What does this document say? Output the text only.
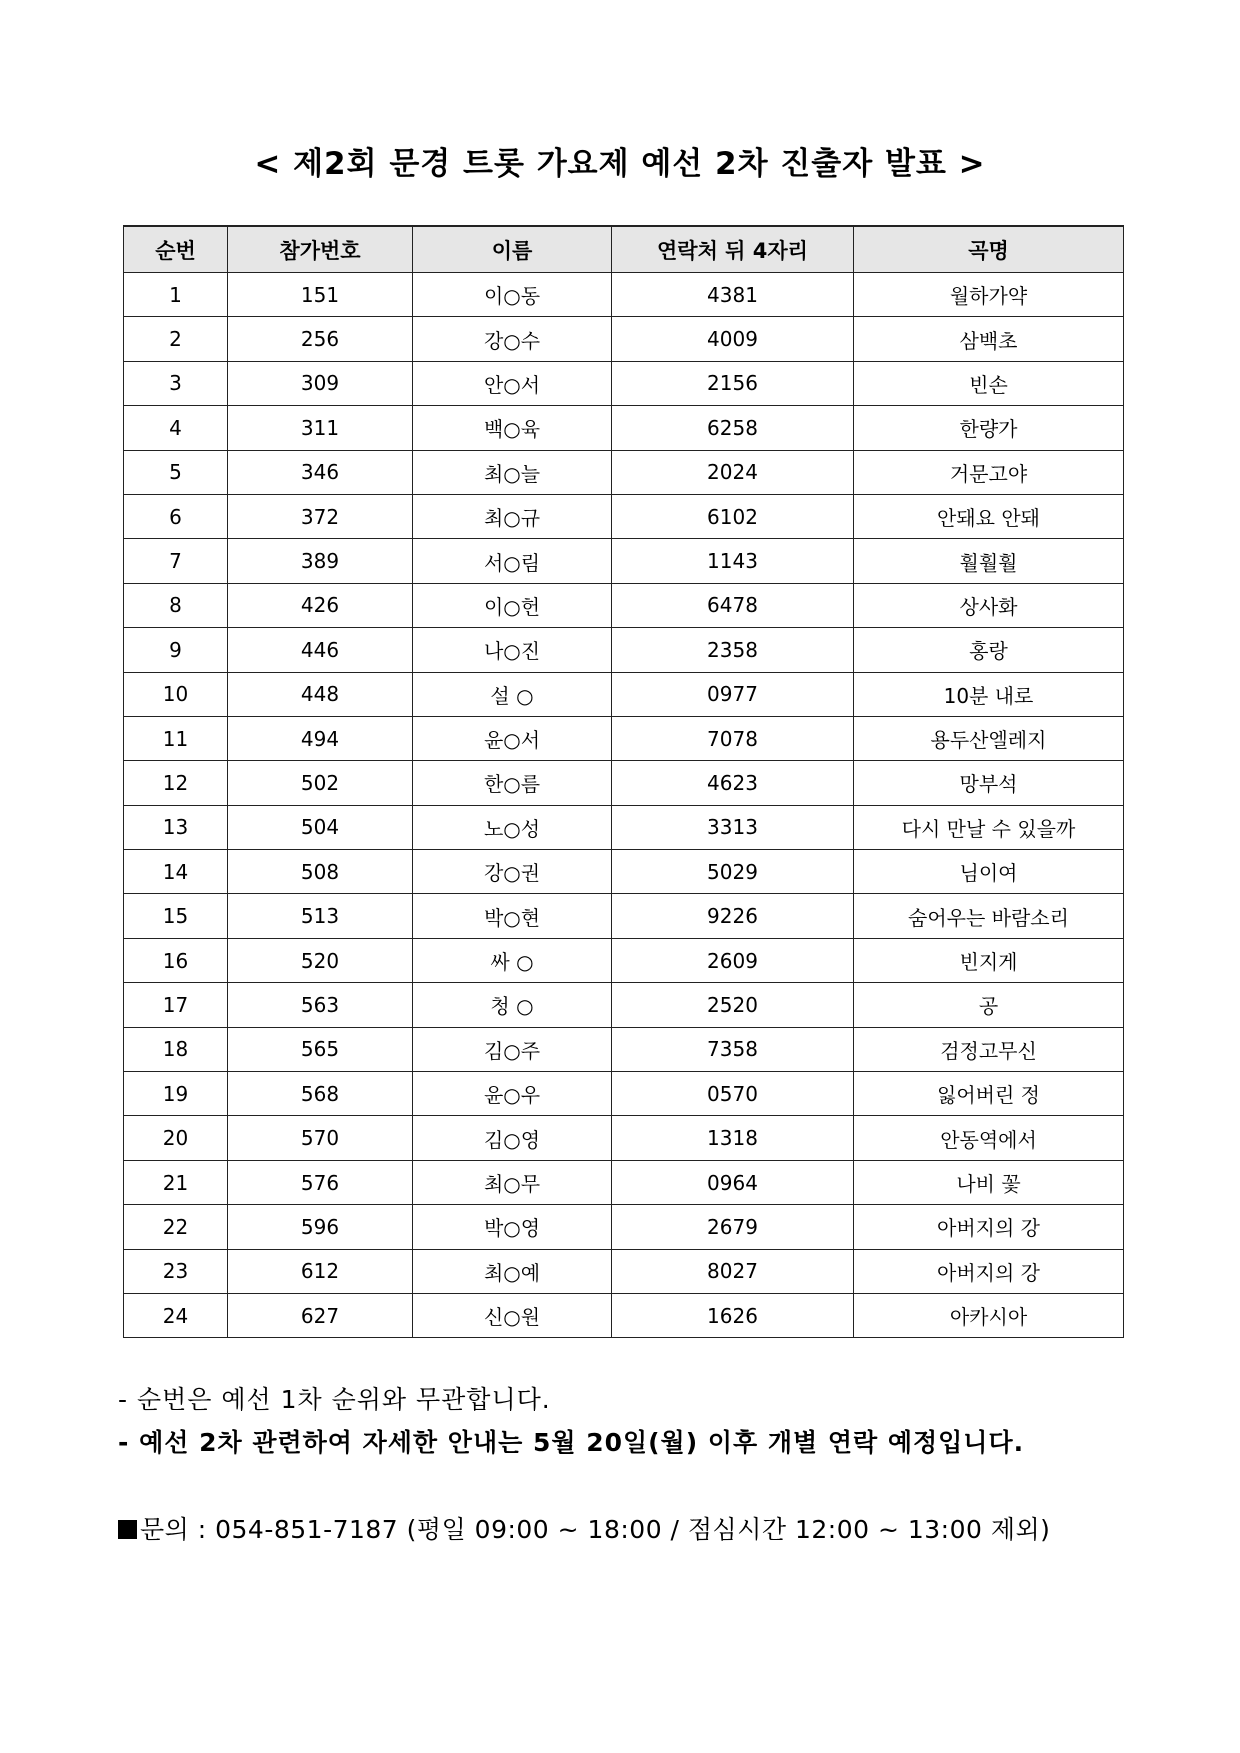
< 제2회 문경 트롯 가요제 예선 2차 진출자 발표 >
순번	참가번호	이름	연락처 뒤 4자리	곡명
1	151	이○동	4381	월하가약
2	256	강○수	4009	삼백초
3	309	안○서	2156	빈손
4	311	백○육	6258	한량가
5	346	최○늘	2024	거문고야
6	372	최○규	6102	안돼요 안돼
7	389	서○림	1143	훨훨훨
8	426	이○헌	6478	상사화
9	446	나○진	2358	홍랑
10	448	설 ○	0977	10분 내로
11	494	윤○서	7078	용두산엘레지
12	502	한○름	4623	망부석
13	504	노○성	3313	다시 만날 수 있을까
14	508	강○권	5029	님이여
15	513	박○현	9226	숨어우는 바람소리
16	520	싸 ○	2609	빈지게
17	563	청 ○	2520	공
18	565	김○주	7358	검정고무신
19	568	윤○우	0570	잃어버린 정
20	570	김○영	1318	안동역에서
21	576	최○무	0964	나비 꽃
22	596	박○영	2679	아버지의 강
23	612	최○예	8027	아버지의 강
24	627	신○원	1626	아카시아
- 순번은 예선 1차 순위와 무관합니다.
- 예선 2차 관련하여 자세한 안내는 5월 20일(월) 이후 개별 연락 예정입니다.
문의 : 054-851-7187 (평일 09:00 ~ 18:00 / 점심시간 12:00 ~ 13:00 제외)
